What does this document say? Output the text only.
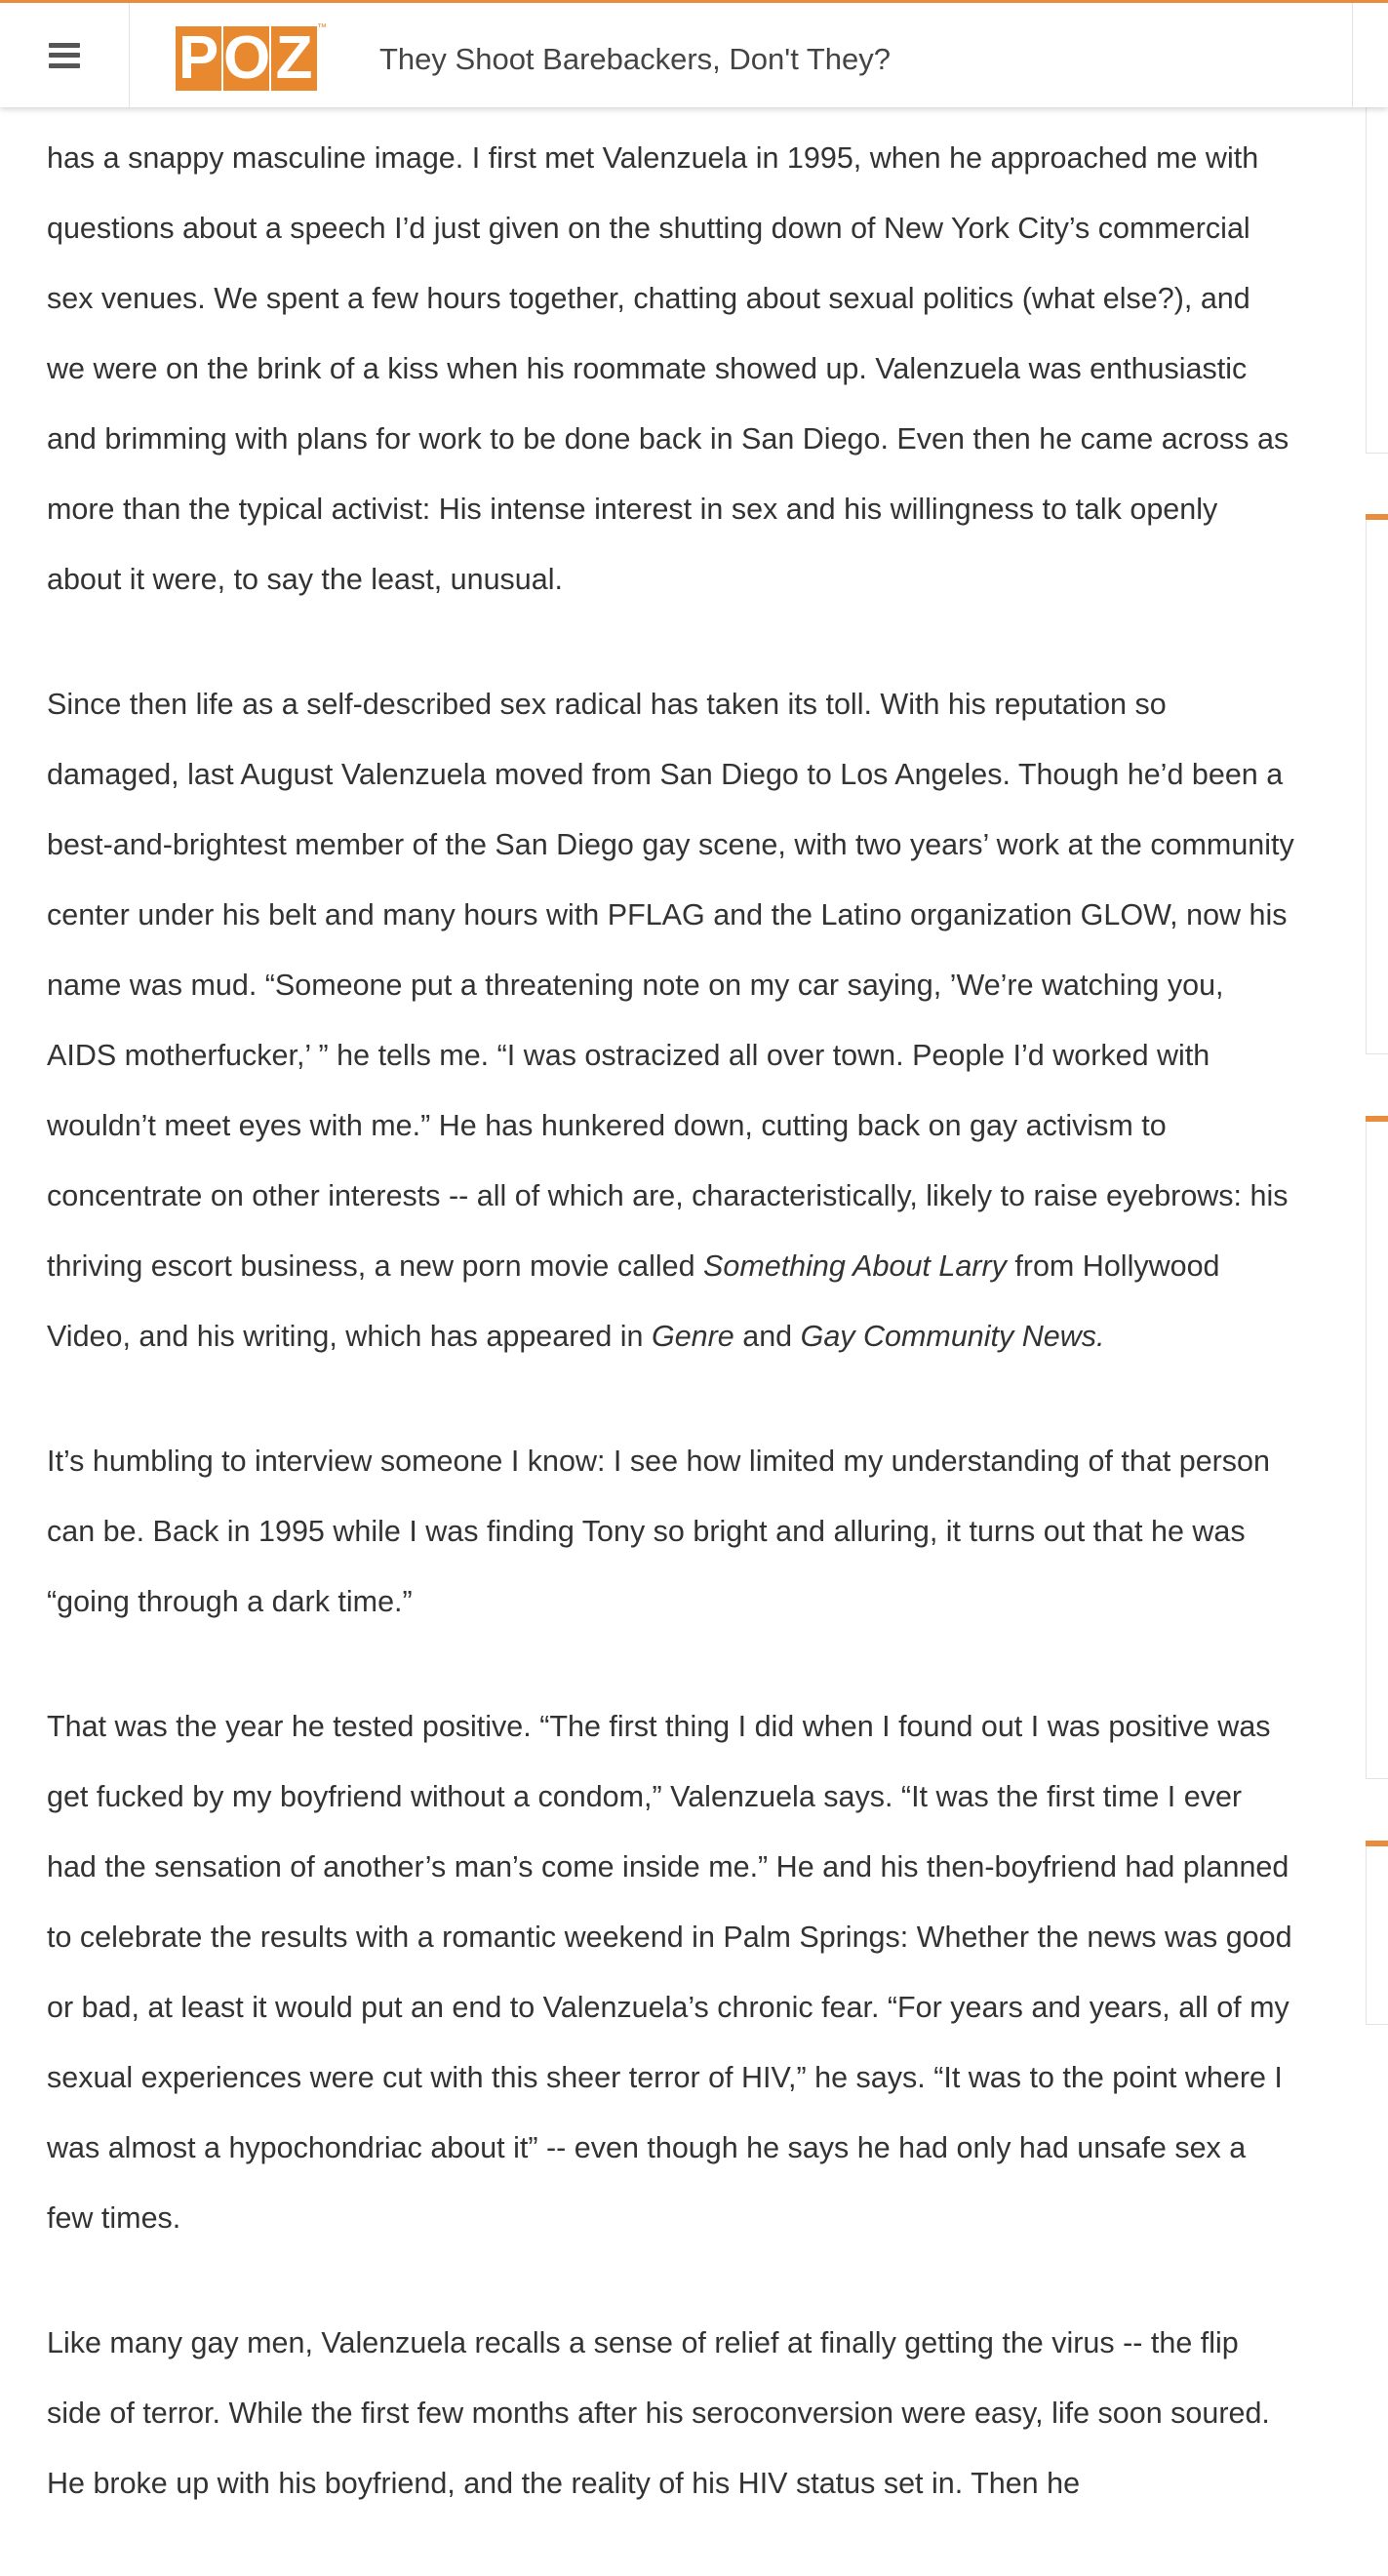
P O Z ™
They Shoot Barebackers, Don't They?

has a snappy masculine image. I first met Valenzuela in 1995, when he approached me with questions about a speech I’d just given on the shutting down of New York City’s commercial sex venues. We spent a few hours together, chatting about sexual politics (what else?), and we were on the brink of a kiss when his roommate showed up. Valenzuela was enthusiastic and brimming with plans for work to be done back in San Diego. Even then he came across as more than the typical activist: His intense interest in sex and his willingness to talk openly about it were, to say the least, unusual.

Since then life as a self-described sex radical has taken its toll. With his reputation so damaged, last August Valenzuela moved from San Diego to Los Angeles. Though he’d been a best-and-brightest member of the San Diego gay scene, with two years’ work at the community center under his belt and many hours with PFLAG and the Latino organization GLOW, now his name was mud. “Someone put a threatening note on my car saying, ’We’re watching you, AIDS motherfucker,’ ” he tells me. “I was ostracized all over town. People I’d worked with wouldn’t meet eyes with me.” He has hunkered down, cutting back on gay activism to concentrate on other interests -- all of which are, characteristically, likely to raise eyebrows: his thriving escort business, a new porn movie called Something About Larry from Hollywood Video, and his writing, which has appeared in Genre and Gay Community News.

It’s humbling to interview someone I know: I see how limited my understanding of that person can be. Back in 1995 while I was finding Tony so bright and alluring, it turns out that he was “going through a dark time.”

That was the year he tested positive. “The first thing I did when I found out I was positive was get fucked by my boyfriend without a condom,” Valenzuela says. “It was the first time I ever had the sensation of another’s man’s come inside me.” He and his then-boyfriend had planned to celebrate the results with a romantic weekend in Palm Springs: Whether the news was good or bad, at least it would put an end to Valenzuela’s chronic fear. “For years and years, all of my sexual experiences were cut with this sheer terror of HIV,” he says. “It was to the point where I was almost a hypochondriac about it” -- even though he says he had only had unsafe sex a few times.

Like many gay men, Valenzuela recalls a sense of relief at finally getting the virus -- the flip side of terror. While the first few months after his seroconversion were easy, life soon soured. He broke up with his boyfriend, and the reality of his HIV status set in. Then he
